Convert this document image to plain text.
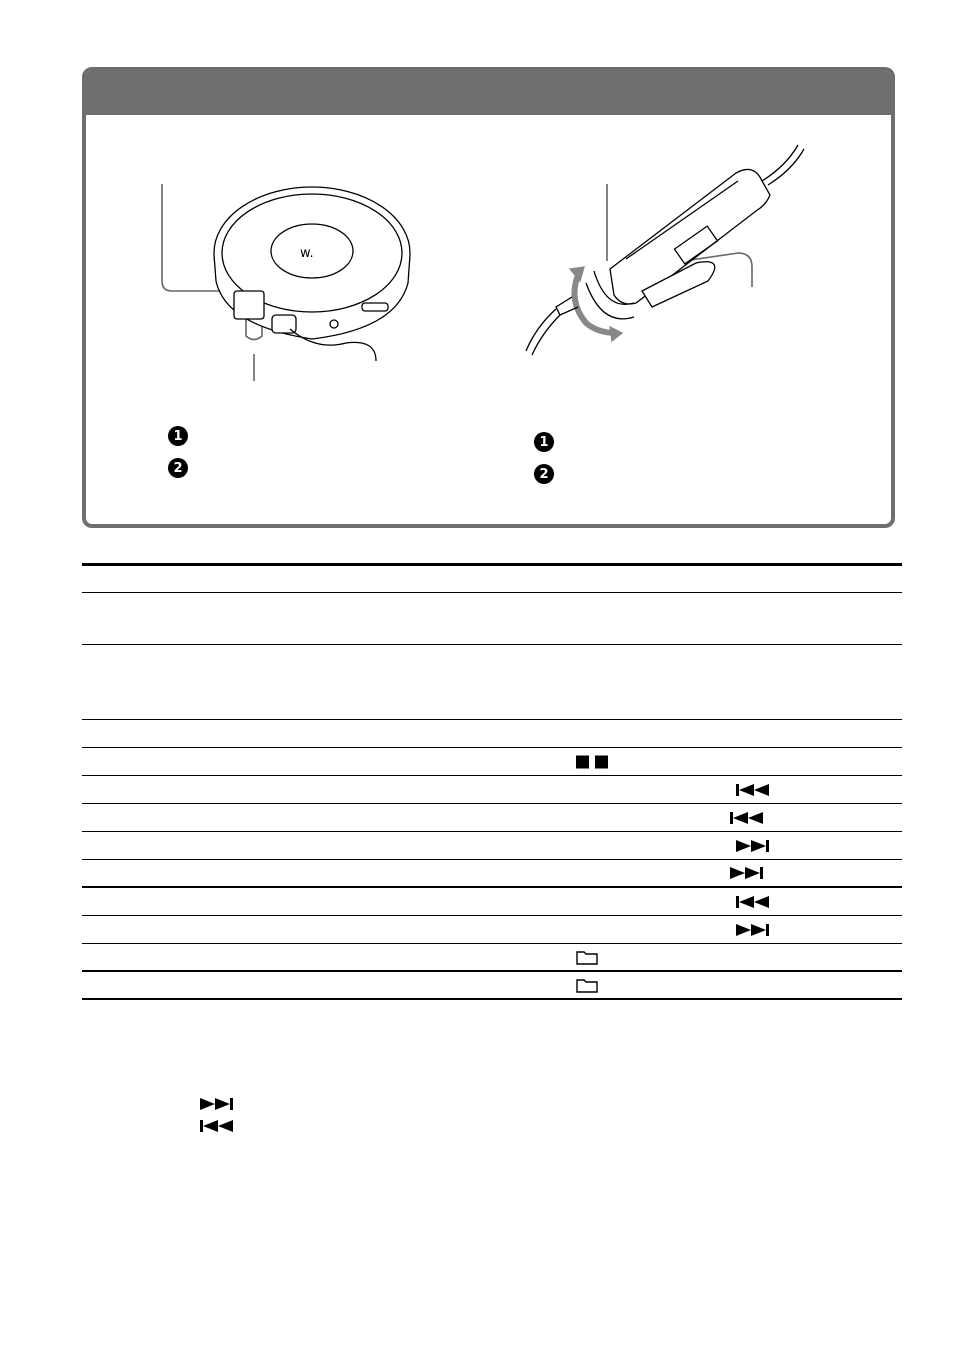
w.
1
2
1
2
